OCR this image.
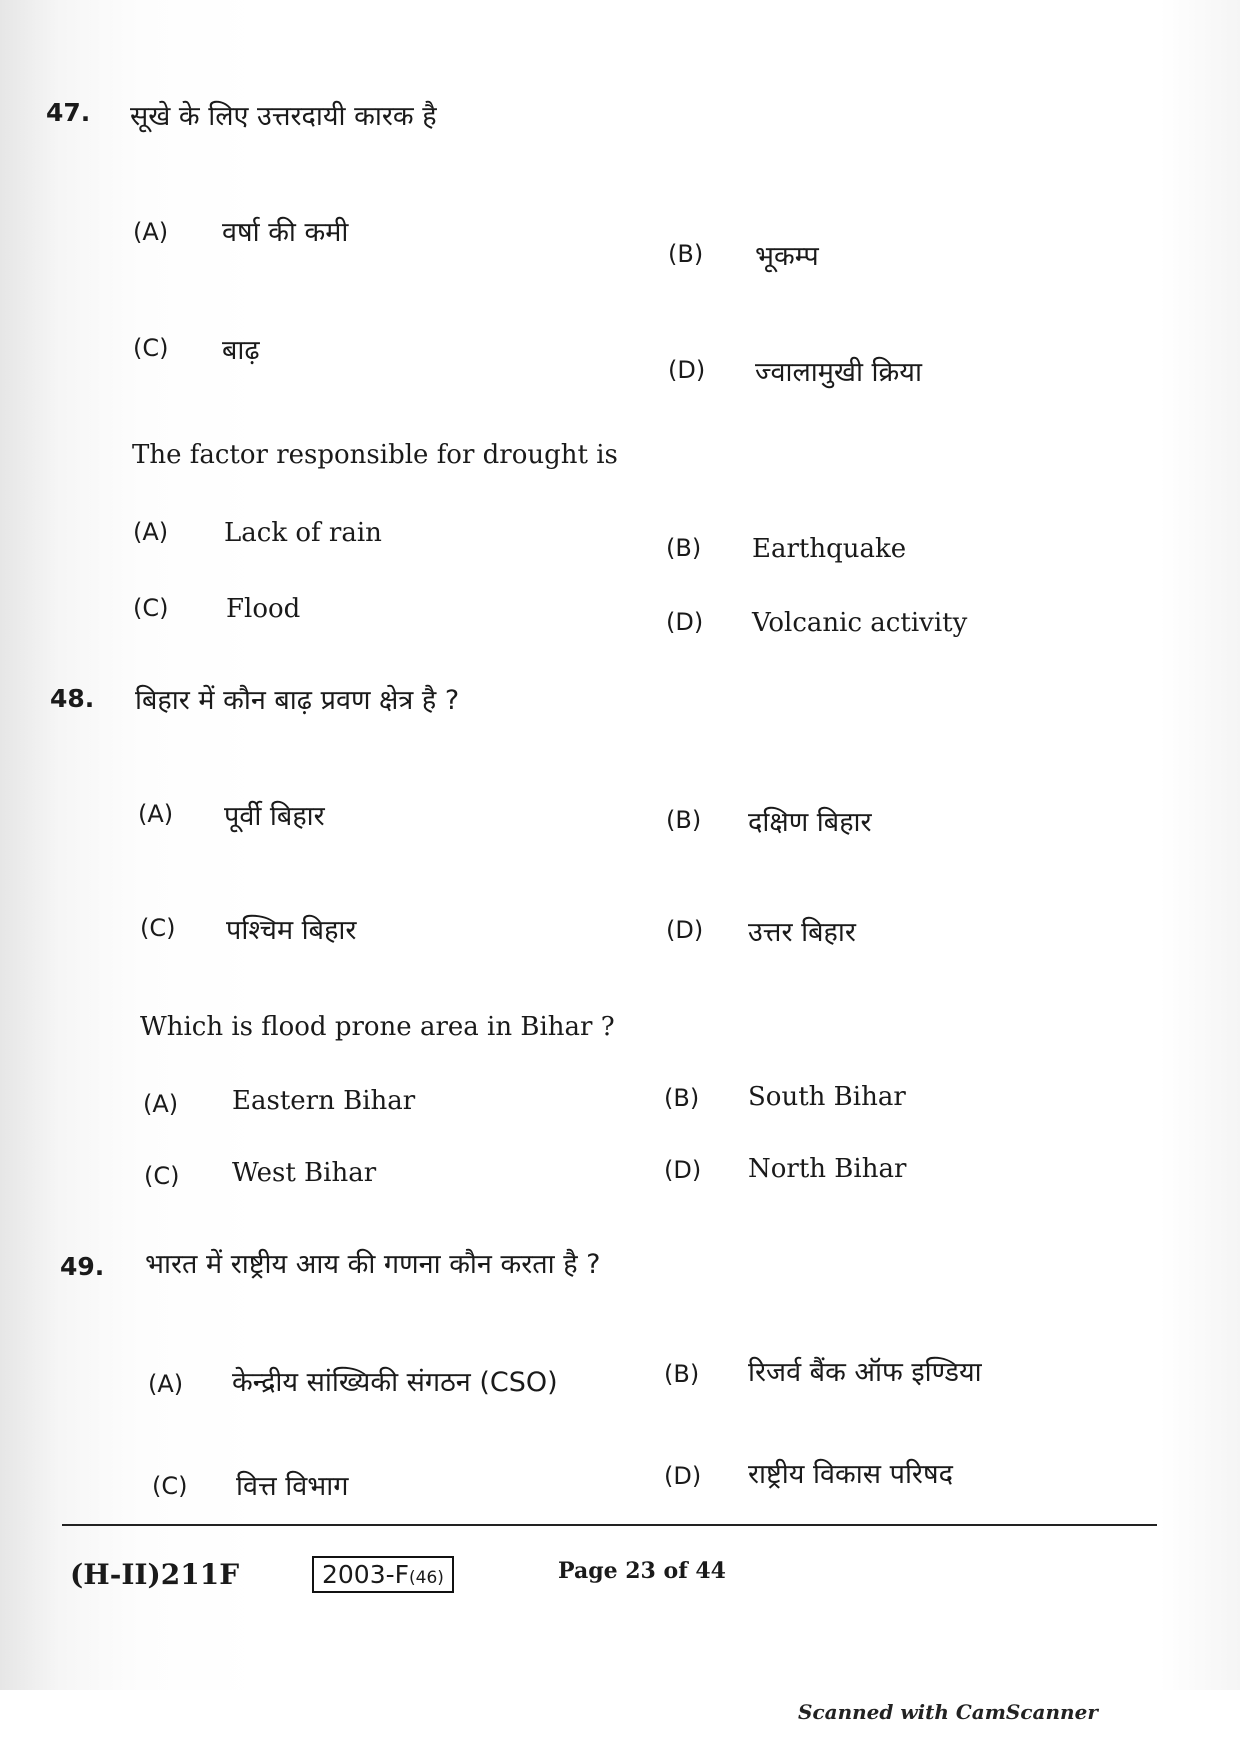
47. सूखे के लिए उत्तरदायी कारक है
(A) वर्षा की कमी
(B) भूकम्प
(C) बाढ़
(D) ज्वालामुखी क्रिया
The factor responsible for drought is
(A) Lack of rain	(B) Earthquake
(C) Flood	(D) Volcanic activity
48. बिहार में कौन बाढ़ प्रवण क्षेत्र है ?
(A) पूर्वी बिहार	(B) दक्षिण बिहार
(C) पश्चिम बिहार	(D) उत्तर बिहार
Which is flood prone area in Bihar ?
(A) Eastern Bihar	(B) South Bihar
(C) West Bihar	(D) North Bihar
49. भारत में राष्ट्रीय आय की गणना कौन करता है ?
(A) केन्द्रीय सांख्यिकी संगठन (CSO)	(B) रिजर्व बैंक ऑफ इण्डिया
(C) वित्त विभाग	(D) राष्ट्रीय विकास परिषद
(H-II)211F	2003-F(46)	Page 23 of 44
Scanned with CamScanner
